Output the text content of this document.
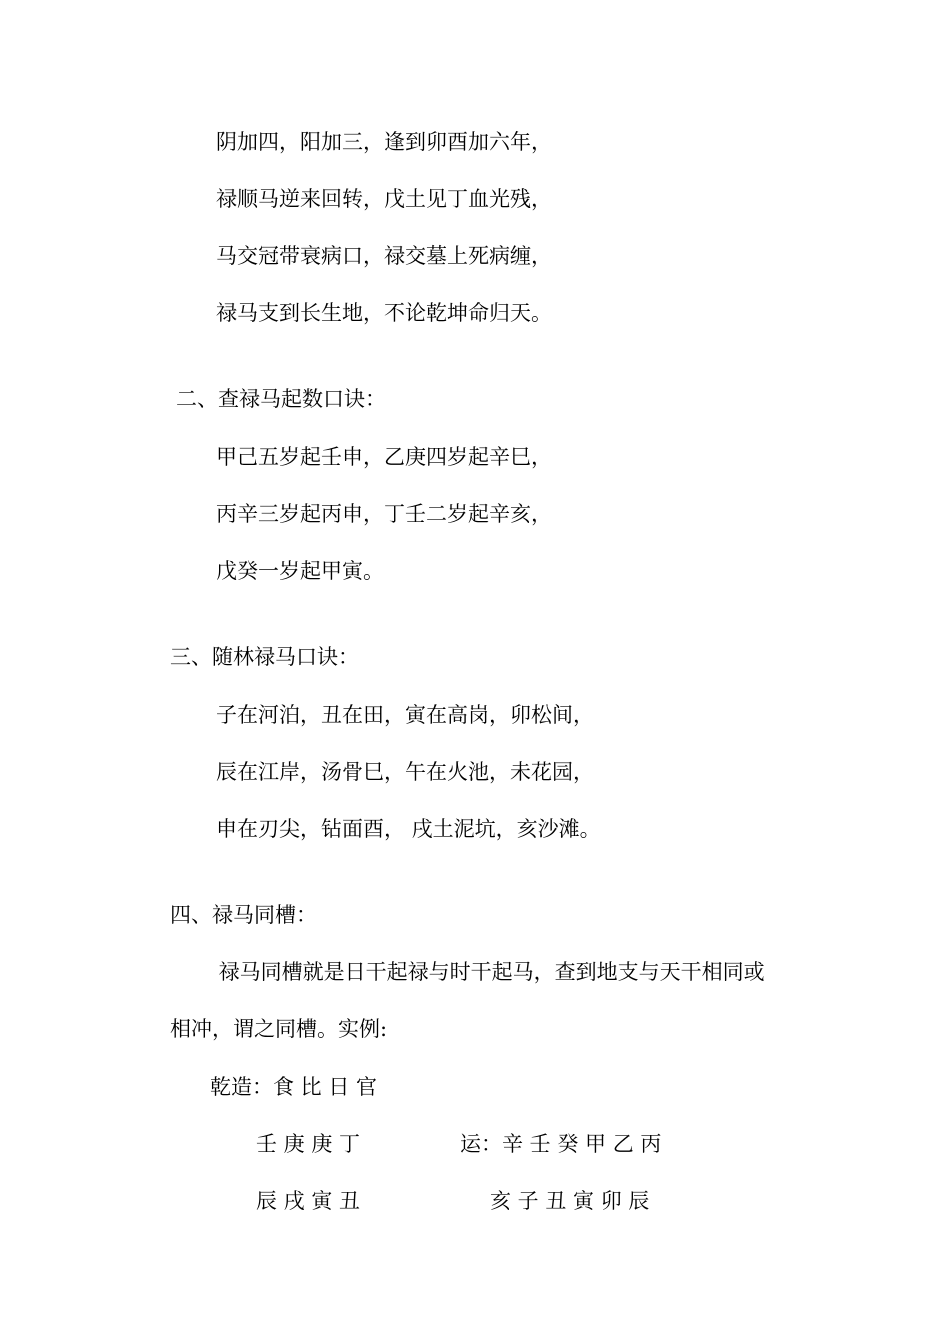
阴加四，阳加三，逢到卯酉加六年，
禄顺马逆来回转，戊土见丁血光残，
马交冠带衰病口，禄交墓上死病缠，
禄马支到长生地，不论乾坤命归天。
二、查禄马起数口诀：
甲己五岁起壬申，乙庚四岁起辛巳，
丙辛三岁起丙申，丁壬二岁起辛亥，
戊癸一岁起甲寅。
三、随林禄马口诀：
子在河泊，丑在田，寅在高岗，卯松间，
辰在江岸，汤骨巳，午在火池，未花园，
申在刃尖，钻面酉， 戌土泥坑，亥沙滩。
四、禄马同槽：
禄马同槽就是日干起禄与时干起马，查到地支与天干相同或
相冲，谓之同槽。实例:
乾造：食 比 日 官
壬 庚 庚 丁	运：辛 壬 癸 甲 乙 丙
辰 戌 寅 丑	亥 子 丑 寅 卯 辰
